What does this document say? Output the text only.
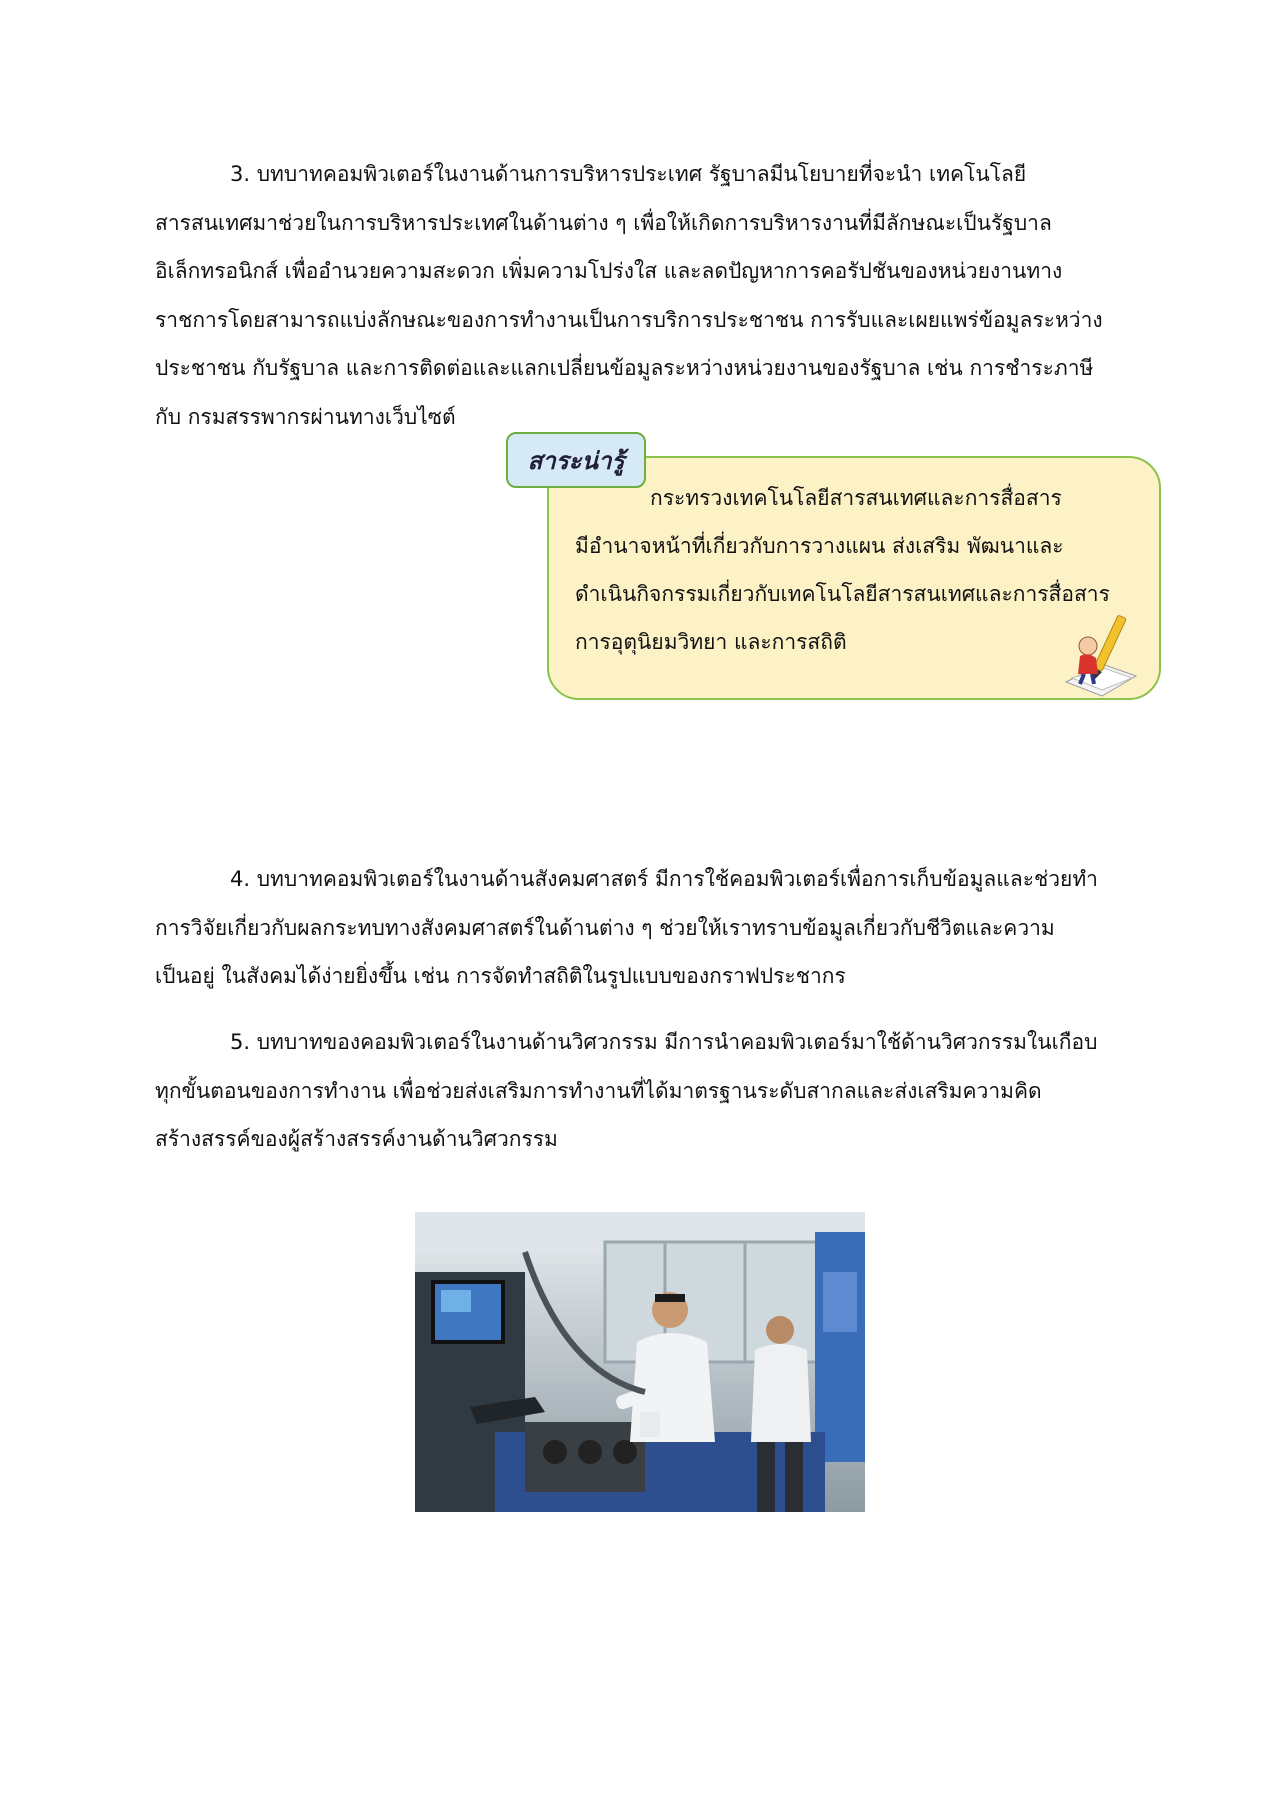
3. บทบาทคอมพิวเตอร์ในงานด้านการบริหารประเทศ รัฐบาลมีนโยบายที่จะนำ เทคโนโลยี
สารสนเทศมาช่วยในการบริหารประเทศในด้านต่าง ๆ เพื่อให้เกิดการบริหารงานที่มีลักษณะเป็นรัฐบาล
อิเล็กทรอนิกส์ เพื่ออำนวยความสะดวก เพิ่มความโปร่งใส และลดปัญหาการคอรัปชันของหน่วยงานทาง
ราชการโดยสามารถแบ่งลักษณะของการทำงานเป็นการบริการประชาชน การรับและเผยแพร่ข้อมูลระหว่าง
ประชาชน กับรัฐบาล และการติดต่อและแลกเปลี่ยนข้อมูลระหว่างหน่วยงานของรัฐบาล เช่น การชำระภาษี
กับ กรมสรรพากรผ่านทางเว็บไซต์

สาระน่ารู้

กระทรวงเทคโนโลยีสารสนเทศและการสื่อสาร
มีอำนาจหน้าที่เกี่ยวกับการวางแผน ส่งเสริม พัฒนาและ
ดำเนินกิจกรรมเกี่ยวกับเทคโนโลยีสารสนเทศและการสื่อสาร
การอุตุนิยมวิทยา และการสถิติ

4. บทบาทคอมพิวเตอร์ในงานด้านสังคมศาสตร์ มีการใช้คอมพิวเตอร์เพื่อการเก็บข้อมูลและช่วยทำ
การวิจัยเกี่ยวกับผลกระทบทางสังคมศาสตร์ในด้านต่าง ๆ ช่วยให้เราทราบข้อมูลเกี่ยวกับชีวิตและความ
เป็นอยู่ ในสังคมได้ง่ายยิ่งขึ้น เช่น การจัดทำสถิติในรูปแบบของกราฟประชากร

5. บทบาทของคอมพิวเตอร์ในงานด้านวิศวกรรม มีการนำคอมพิวเตอร์มาใช้ด้านวิศวกรรมในเกือบ
ทุกขั้นตอนของการทำงาน เพื่อช่วยส่งเสริมการทำงานที่ได้มาตรฐานระดับสากลและส่งเสริมความคิด
สร้างสรรค์ของผู้สร้างสรรค์งานด้านวิศวกรรม
